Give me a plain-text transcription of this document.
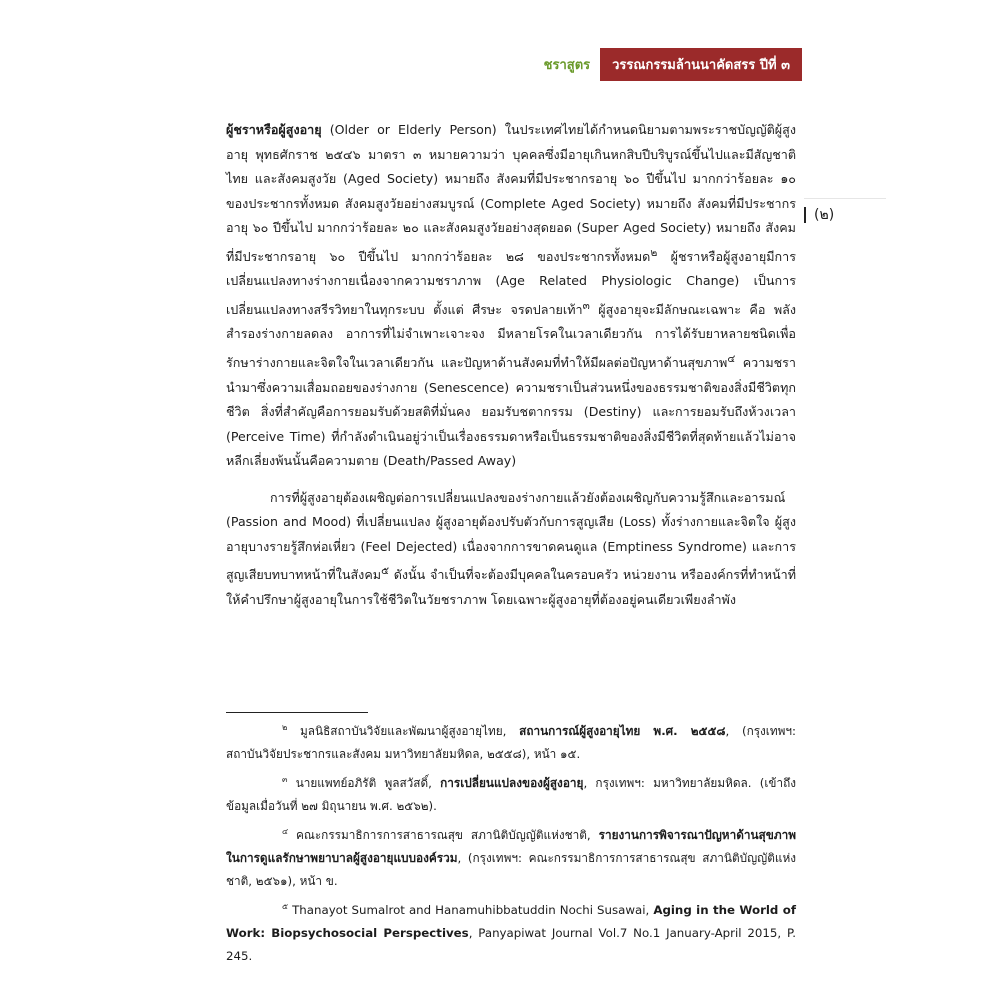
ชราสูตร	วรรณกรรมล้านนาคัดสรร ปีที่ ๓
(๒)

ผู้ชราหรือผู้สูงอายุ (Older or Elderly Person) ในประเทศไทยได้กำหนดนิยามตามพระราชบัญญัติผู้สูงอายุ พุทธศักราช ๒๕๔๖ มาตรา ๓ หมายความว่า บุคคลซึ่งมีอายุเกินหกสิบปีบริบูรณ์ขึ้นไปและมีสัญชาติไทย และสังคมสูงวัย (Aged Society) หมายถึง สังคมที่มีประชากรอายุ ๖๐ ปีขึ้นไป มากกว่าร้อยละ ๑๐ ของประชากรทั้งหมด สังคมสูงวัยอย่างสมบูรณ์ (Complete Aged Society) หมายถึง สังคมที่มีประชากรอายุ ๖๐ ปีขึ้นไป มากกว่าร้อยละ ๒๐ และสังคมสูงวัยอย่างสุดยอด (Super Aged Society) หมายถึง สังคมที่มีประชากรอายุ ๖๐ ปีขึ้นไป มากกว่าร้อยละ ๒๘ ของประชากรทั้งหมด$^๒$ ผู้ชราหรือผู้สูงอายุมีการเปลี่ยนแปลงทางร่างกายเนื่องจากความชราภาพ (Age Related Physiologic Change) เป็นการเปลี่ยนแปลงทางสรีรวิทยาในทุกระบบ ตั้งแต่ ศีรษะ จรดปลายเท้า$^๓$ ผู้สูงอายุจะมีลักษณะเฉพาะ คือ พลังสำรองร่างกายลดลง อาการที่ไม่จำเพาะเจาะจง มีหลายโรคในเวลาเดียวกัน การได้รับยาหลายชนิดเพื่อรักษาร่างกายและจิตใจในเวลาเดียวกัน และปัญหาด้านสังคมที่ทำให้มีผลต่อปัญหาด้านสุขภาพ$^๔$ ความชรานำมาซึ่งความเสื่อมถอยของร่างกาย (Senescence) ความชราเป็นส่วนหนึ่งของธรรมชาติของสิ่งมีชีวิตทุกชีวิต สิ่งที่สำคัญคือการยอมรับด้วยสติที่มั่นคง ยอมรับชตากรรม (Destiny) และการยอมรับถึงห้วงเวลา (Perceive Time) ที่กำลังดำเนินอยู่ว่าเป็นเรื่องธรรมดาหรือเป็นธรรมชาติของสิ่งมีชีวิตที่สุดท้ายแล้วไม่อาจหลีกเลี่ยงพ้นนั้นคือความตาย (Death/Passed Away)

การที่ผู้สูงอายุต้องเผชิญต่อการเปลี่ยนแปลงของร่างกายแล้วยังต้องเผชิญกับความรู้สึกและอารมณ์ (Passion and Mood) ที่เปลี่ยนแปลง ผู้สูงอายุต้องปรับตัวกับการสูญเสีย (Loss) ทั้งร่างกายและจิตใจ ผู้สูงอายุบางรายรู้สึกห่อเหี่ยว (Feel Dejected) เนื่องจากการขาดคนดูแล (Emptiness Syndrome) และการสูญเสียบทบาทหน้าที่ในสังคม$^๕$ ดังนั้น จำเป็นที่จะต้องมีบุคคลในครอบครัว หน่วยงาน หรือองค์กรที่ทำหน้าที่ให้คำปรึกษาผู้สูงอายุในการใช้ชีวิตในวัยชราภาพ โดยเฉพาะผู้สูงอายุที่ต้องอยู่คนเดียวเพียงลำพัง

$^๒$ มูลนิธิสถาบันวิจัยและพัฒนาผู้สูงอายุไทย, สถานการณ์ผู้สูงอายุไทย พ.ศ. ๒๕๕๘, (กรุงเทพฯ: สถาบันวิจัยประชากรและสังคม มหาวิทยาลัยมหิดล, ๒๕๕๘), หน้า ๑๕.

$^๓$ นายแพทย์อภิรัติ พูลสวัสดิ์, การเปลี่ยนแปลงของผู้สูงอายุ, กรุงเทพฯ: มหาวิทยาลัยมหิดล. (เข้าถึงข้อมูลเมื่อวันที่ ๒๗ มิถุนายน พ.ศ. ๒๕๖๒).

$^๔$ คณะกรรมาธิการการสาธารณสุข สภานิติบัญญัติแห่งชาติ, รายงานการพิจารณาปัญหาด้านสุขภาพในการดูแลรักษาพยาบาลผู้สูงอายุแบบองค์รวม, (กรุงเทพฯ: คณะกรรมาธิการการสาธารณสุข สภานิติบัญญัติแห่งชาติ, ๒๕๖๑), หน้า ข.

$^๕$ Thanayot Sumalrot and Hanamuhibbatuddin Nochi Susawai, Aging in the World of Work: Biopsychosocial Perspectives, Panyapiwat Journal Vol.7 No.1 January-April 2015, P. 245.
